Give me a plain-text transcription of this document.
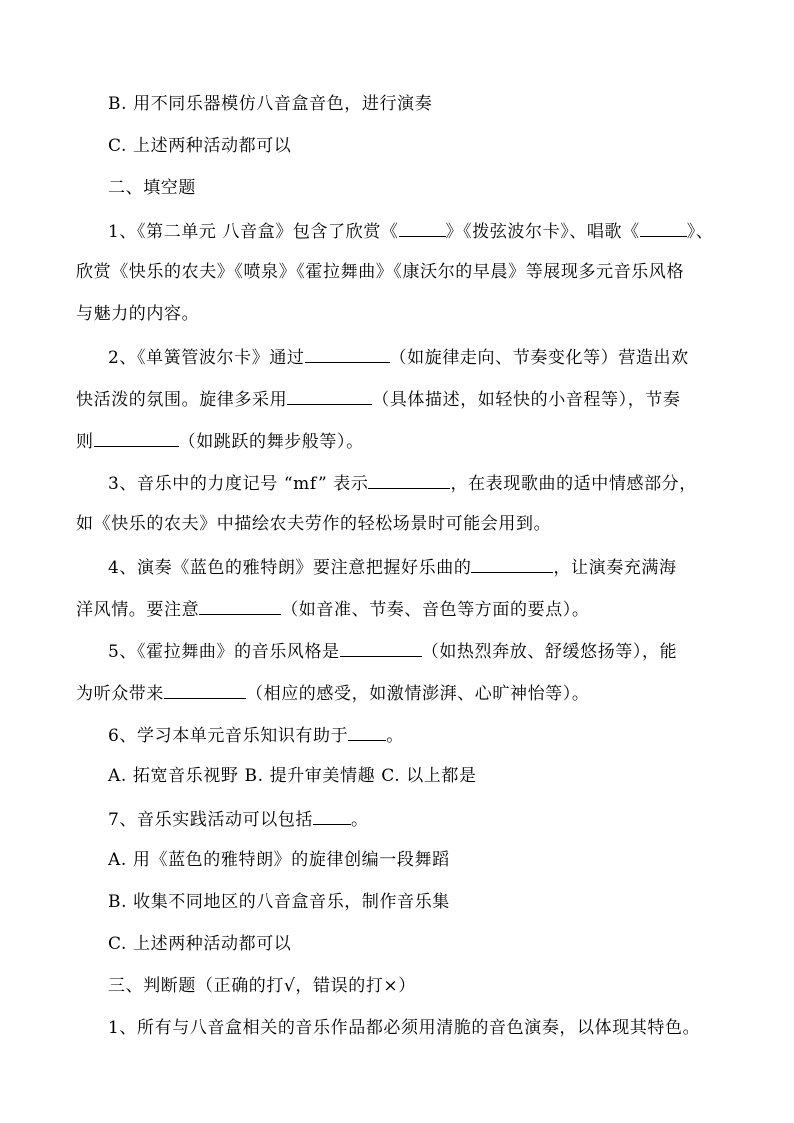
B. 用不同乐器模仿八音盒音色，进行演奏
C. 上述两种活动都可以
二、填空题
1、《第二单元 八音盒》包含了欣赏《	》《拨弦波尔卡》、唱歌《	》、
欣赏《快乐的农夫》《喷泉》《霍拉舞曲》《康沃尔的早晨》等展现多元音乐风格
与魅力的内容。
2、《单簧管波尔卡》通过	（如旋律走向、节奏变化等）营造出欢
快活泼的氛围。旋律多采用	（具体描述，如轻快的小音程等），节奏
则	（如跳跃的舞步般等）。
3、音乐中的力度记号 “mf” 表示	，在表现歌曲的适中情感部分，
如《快乐的农夫》中描绘农夫劳作的轻松场景时可能会用到。
4、演奏《蓝色的雅特朗》要注意把握好乐曲的	，让演奏充满海
洋风情。要注意	（如音准、节奏、音色等方面的要点）。
5、《霍拉舞曲》的音乐风格是	（如热烈奔放、舒缓悠扬等），能
为听众带来	（相应的感受，如激情澎湃、心旷神怡等）。
6、学习本单元音乐知识有助于 。
A. 拓宽音乐视野 B. 提升审美情趣 C. 以上都是
7、音乐实践活动可以包括 。
A. 用《蓝色的雅特朗》的旋律创编一段舞蹈
B. 收集不同地区的八音盒音乐，制作音乐集
C. 上述两种活动都可以
三、判断题（正确的打√，错误的打×）
1、所有与八音盒相关的音乐作品都必须用清脆的音色演奏，以体现其特色。
